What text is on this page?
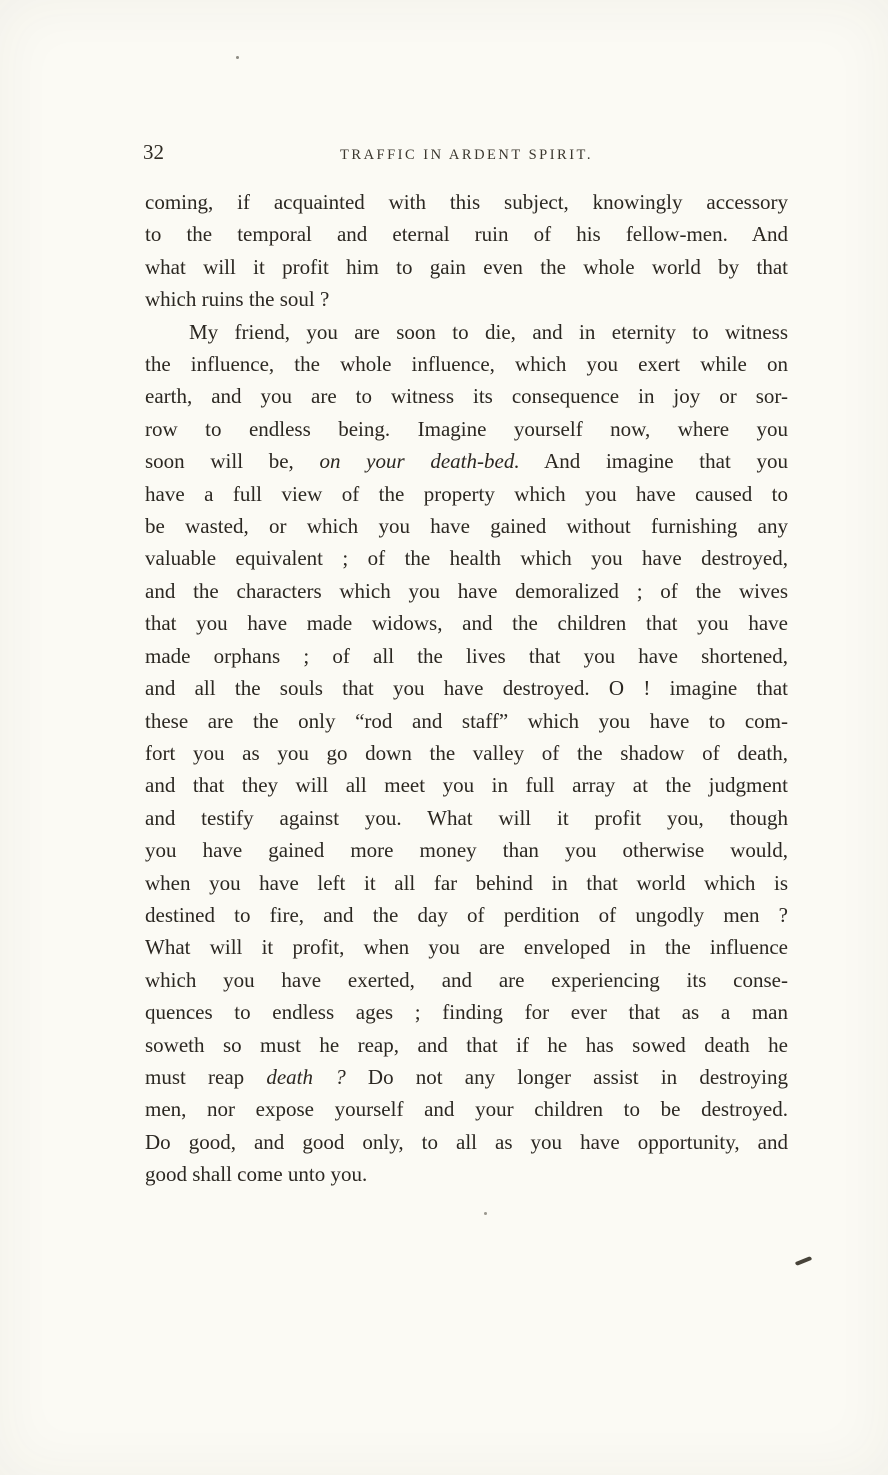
32	TRAFFIC IN ARDENT SPIRIT.
coming, if acquainted with this subject, knowingly accessory
to the temporal and eternal ruin of his fellow-men. And
what will it profit him to gain even the whole world by that
which ruins the soul ?
My friend, you are soon to die, and in eternity to witness
the influence, the whole influence, which you exert while on
earth, and you are to witness its consequence in joy or sor-
row to endless being. Imagine yourself now, where you
soon will be, on your death-bed. And imagine that you
have a full view of the property which you have caused to
be wasted, or which you have gained without furnishing any
valuable equivalent ; of the health which you have destroyed,
and the characters which you have demoralized ; of the wives
that you have made widows, and the children that you have
made orphans ; of all the lives that you have shortened,
and all the souls that you have destroyed. O ! imagine that
these are the only “rod and staff” which you have to com-
fort you as you go down the valley of the shadow of death,
and that they will all meet you in full array at the judgment
and testify against you. What will it profit you, though
you have gained more money than you otherwise would,
when you have left it all far behind in that world which is
destined to fire, and the day of perdition of ungodly men ?
What will it profit, when you are enveloped in the influence
which you have exerted, and are experiencing its conse-
quences to endless ages ; finding for ever that as a man
soweth so must he reap, and that if he has sowed death he
must reap death ? Do not any longer assist in destroying
men, nor expose yourself and your children to be destroyed.
Do good, and good only, to all as you have opportunity, and
good shall come unto you.
